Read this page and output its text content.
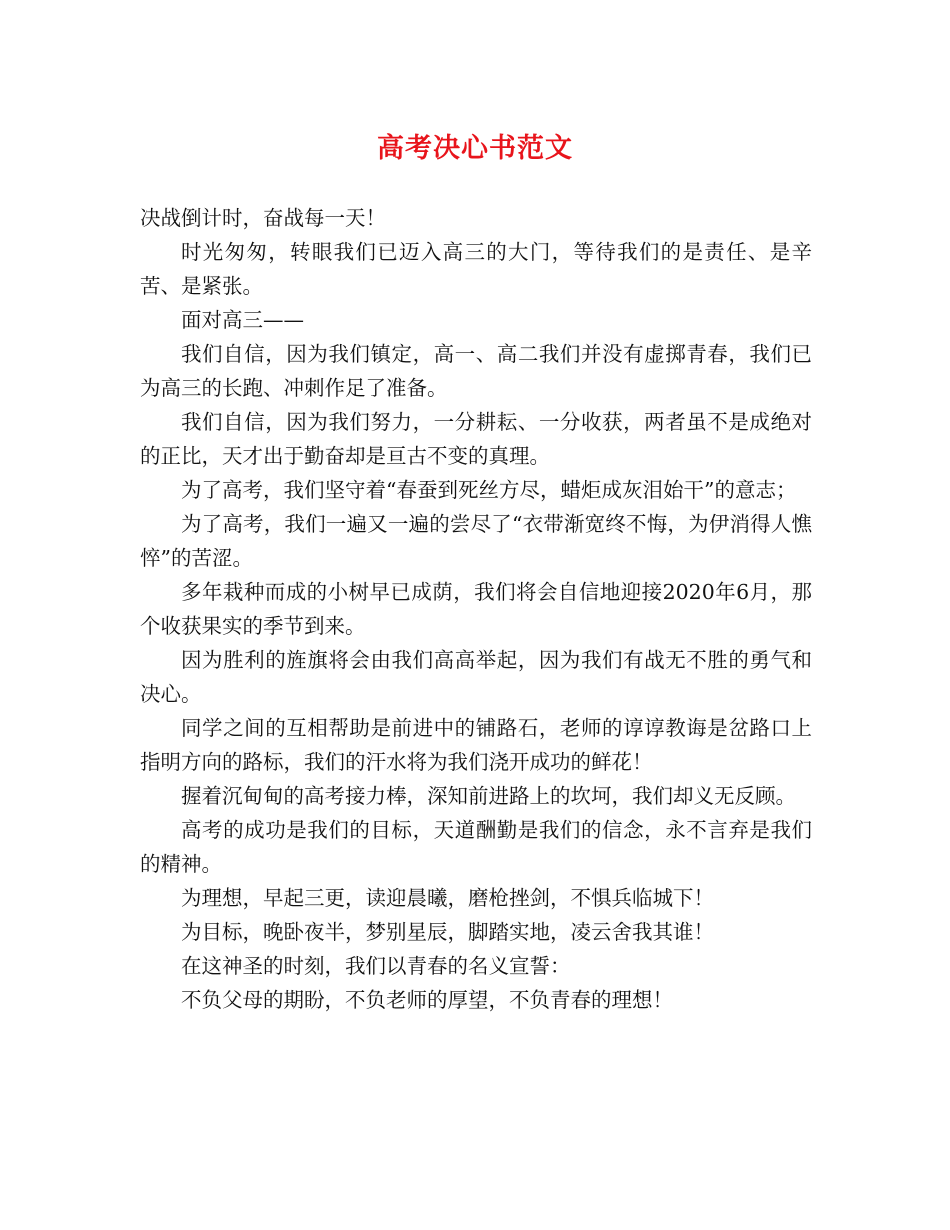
高考决心书范文

决战倒计时，奋战每一天！

时光匆匆，转眼我们已迈入高三的大门，等待我们的是责任、是辛苦、是紧张。

面对高三——

我们自信，因为我们镇定，高一、高二我们并没有虚掷青春，我们已为高三的长跑、冲刺作足了准备。

我们自信，因为我们努力，一分耕耘、一分收获，两者虽不是成绝对的正比，天才出于勤奋却是亘古不变的真理。

为了高考，我们坚守着“春蚕到死丝方尽，蜡炬成灰泪始干”的意志；

为了高考，我们一遍又一遍的尝尽了“衣带渐宽终不悔，为伊消得人憔悴”的苦涩。

多年栽种而成的小树早已成荫，我们将会自信地迎接2020年6月，那个收获果实的季节到来。

因为胜利的旌旗将会由我们高高举起，因为我们有战无不胜的勇气和决心。

同学之间的互相帮助是前进中的铺路石，老师的谆谆教诲是岔路口上指明方向的路标，我们的汗水将为我们浇开成功的鲜花！

握着沉甸甸的高考接力棒，深知前进路上的坎坷，我们却义无反顾。

高考的成功是我们的目标，天道酬勤是我们的信念，永不言弃是我们的精神。

为理想，早起三更，读迎晨曦，磨枪挫剑，不惧兵临城下！

为目标，晚卧夜半，梦别星辰，脚踏实地，凌云舍我其谁！

在这神圣的时刻，我们以青春的名义宣誓：

不负父母的期盼，不负老师的厚望，不负青春的理想！
